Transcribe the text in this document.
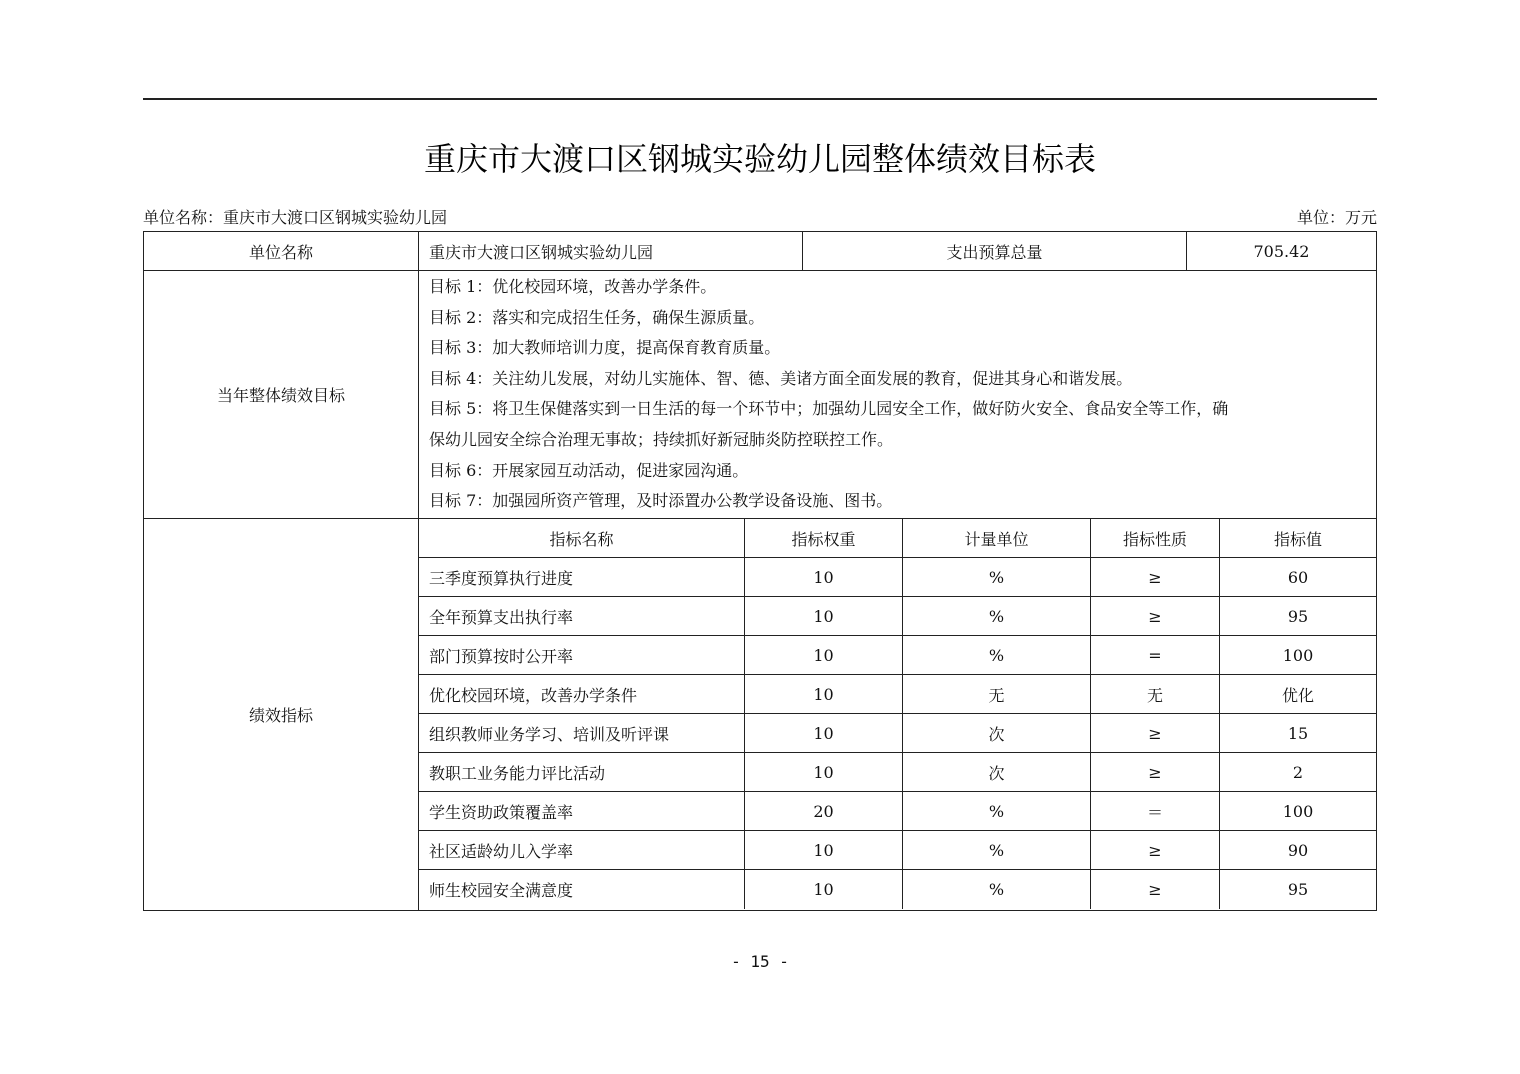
重庆市大渡口区钢城实验幼儿园整体绩效目标表
单位名称：重庆市大渡口区钢城实验幼儿园	单位：万元
单位名称	重庆市大渡口区钢城实验幼儿园	支出预算总量	705.42
当年整体绩效目标
目标 1：优化校园环境，改善办学条件。
目标 2：落实和完成招生任务，确保生源质量。
目标 3：加大教师培训力度，提高保育教育质量。
目标 4：关注幼儿发展，对幼儿实施体、智、德、美诸方面全面发展的教育，促进其身心和谐发展。
目标 5：将卫生保健落实到一日生活的每一个环节中；加强幼儿园安全工作，做好防火安全、食品安全等工作，确
保幼儿园安全综合治理无事故；持续抓好新冠肺炎防控联控工作。
目标 6：开展家园互动活动，促进家园沟通。
目标 7：加强园所资产管理，及时添置办公教学设备设施、图书。
绩效指标
指标名称	指标权重	计量单位	指标性质	指标值
三季度预算执行进度	10	%	≥	60
全年预算支出执行率	10	%	≥	95
部门预算按时公开率	10	%	=	100
优化校园环境，改善办学条件	10	无	无	优化
组织教师业务学习、培训及听评课	10	次	≥	15
教职工业务能力评比活动	10	次	≥	2
学生资助政策覆盖率	20	%	＝	100
社区适龄幼儿入学率	10	%	≥	90
师生校园安全满意度	10	%	≥	95
- 15 -
